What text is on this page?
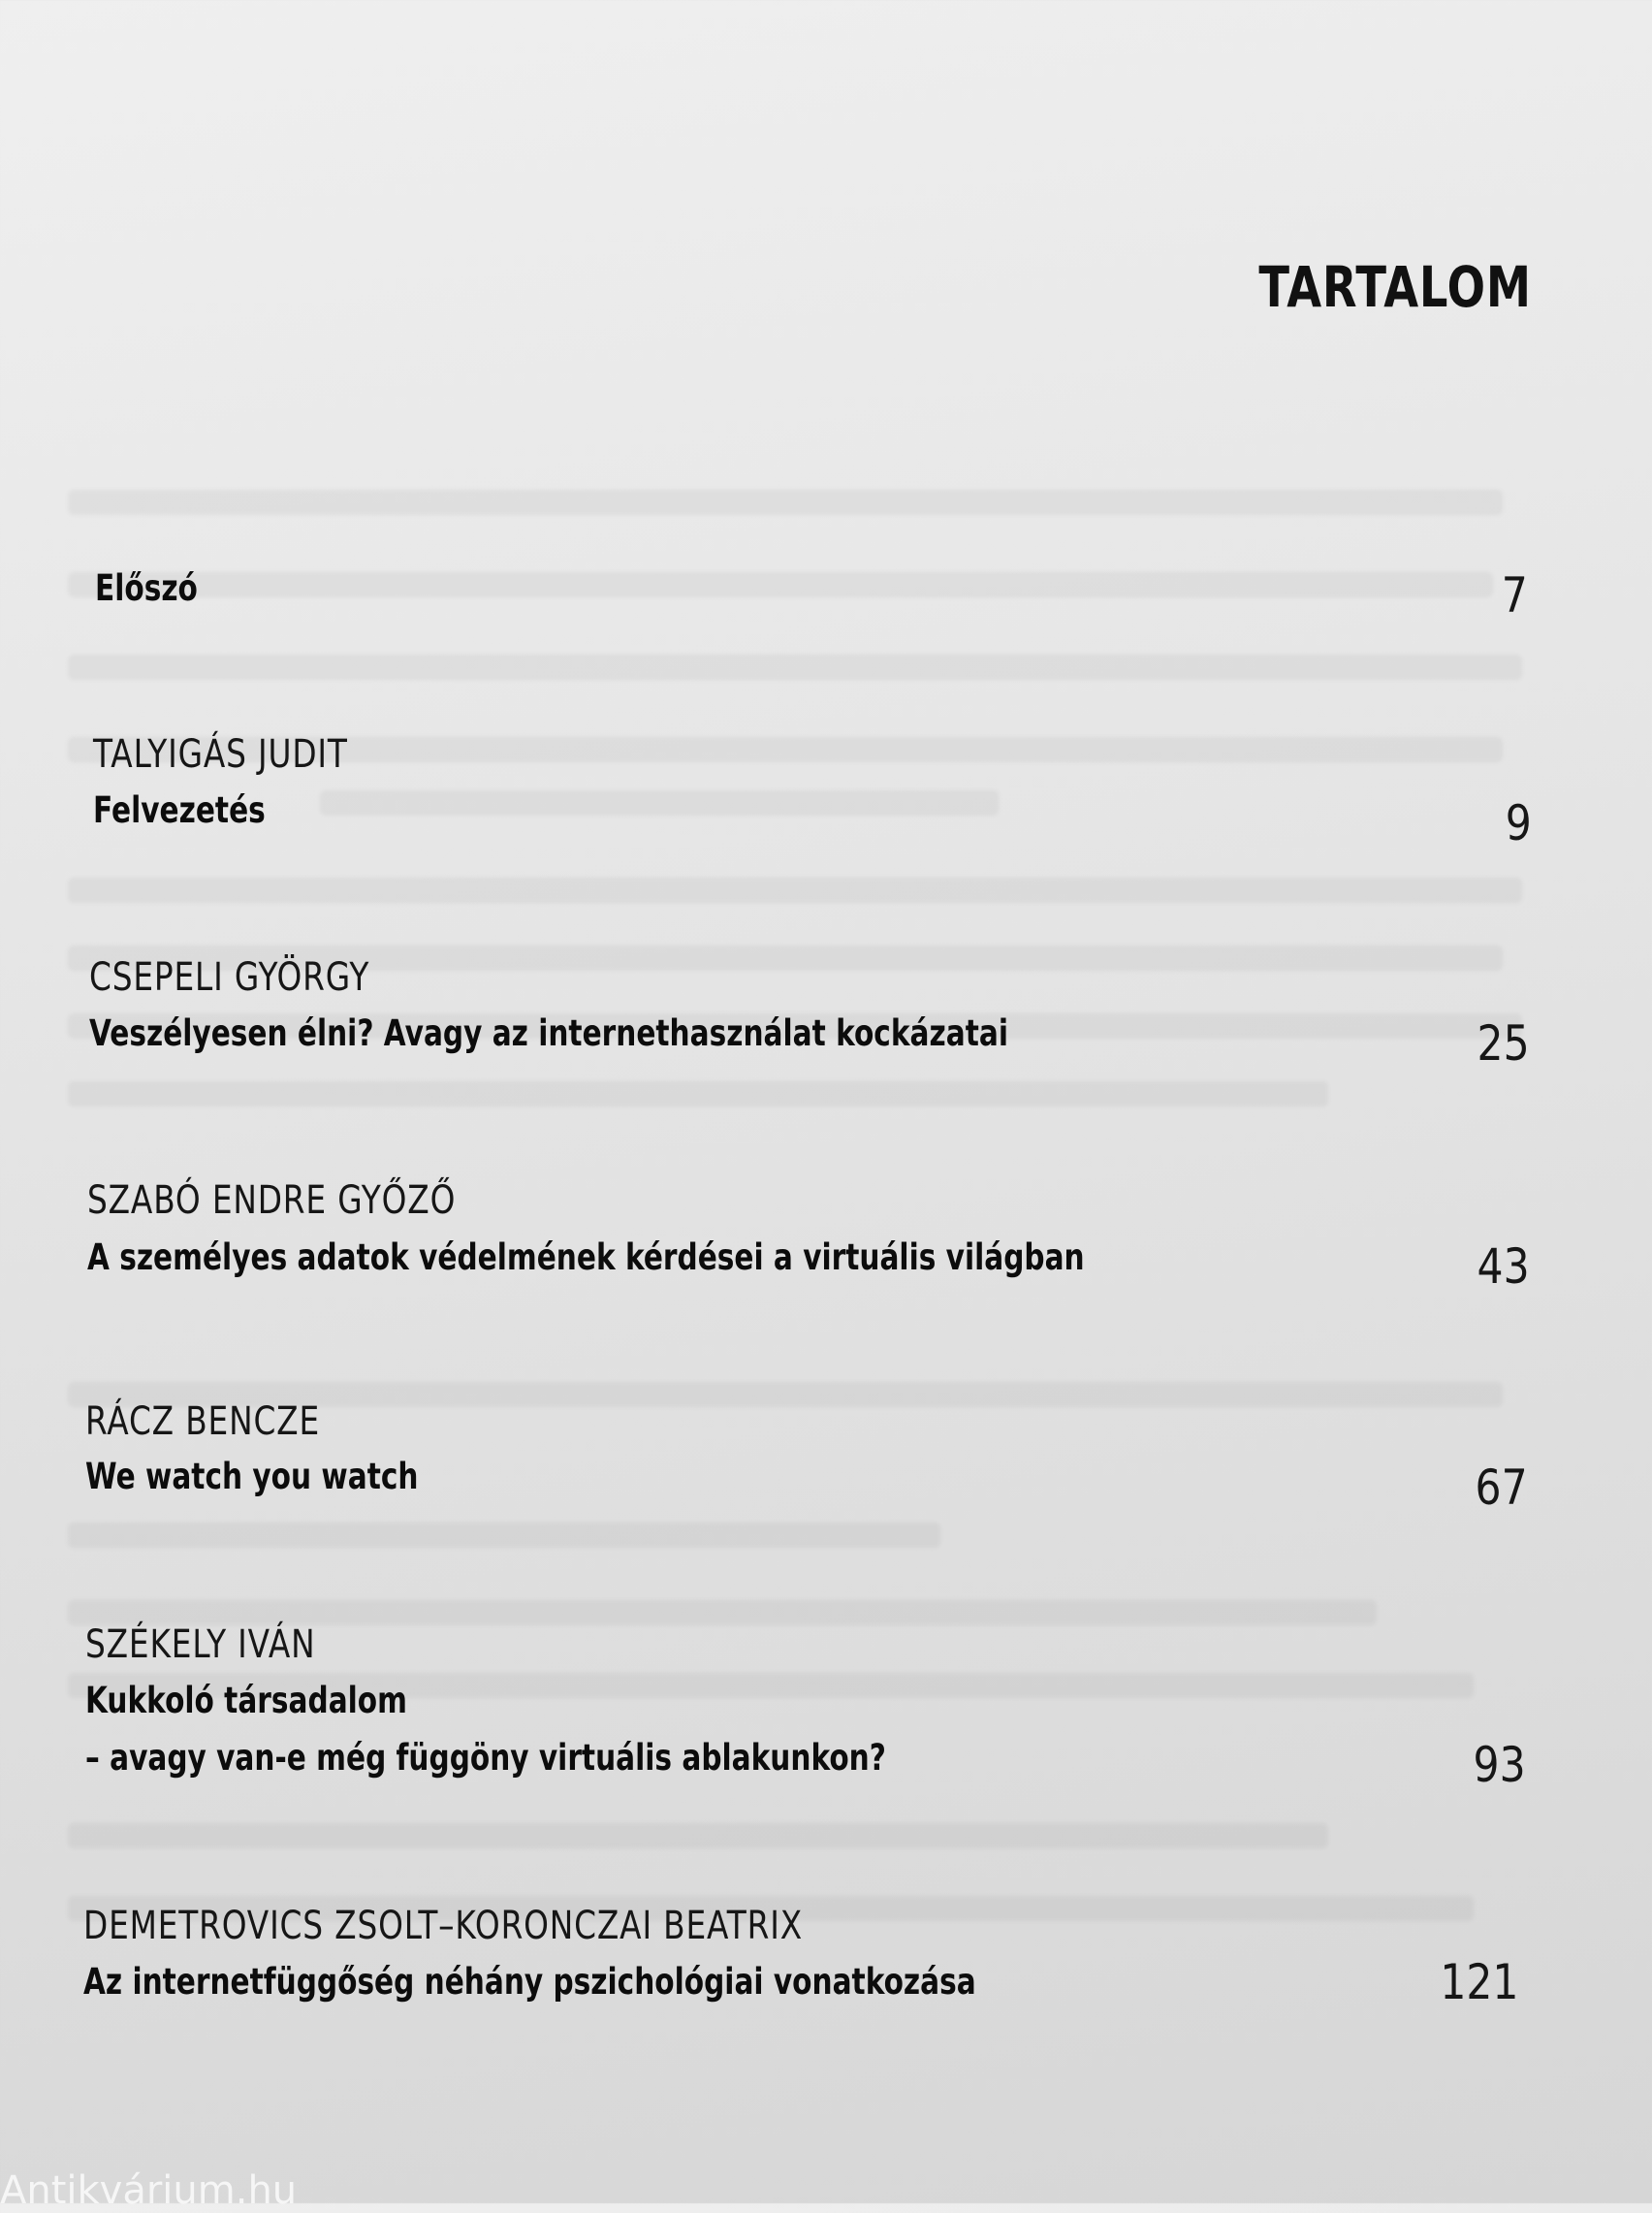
TARTALOM
Előszó	7
TALYIGÁS JUDIT
Felvezetés	9
CSEPELI GYÖRGY
Veszélyesen élni? Avagy az internethasználat kockázatai	25
SZABÓ ENDRE GYŐZŐ
A személyes adatok védelmének kérdései a virtuális világban	43
RÁCZ BENCZE
We watch you watch	67
SZÉKELY IVÁN
Kukkoló társadalom
– avagy van-e még függöny virtuális ablakunkon?	93
DEMETROVICS ZSOLT–KORONCZAI BEATRIX
Az internetfüggőség néhány pszichológiai vonatkozása	121
Antikvárium.hu
